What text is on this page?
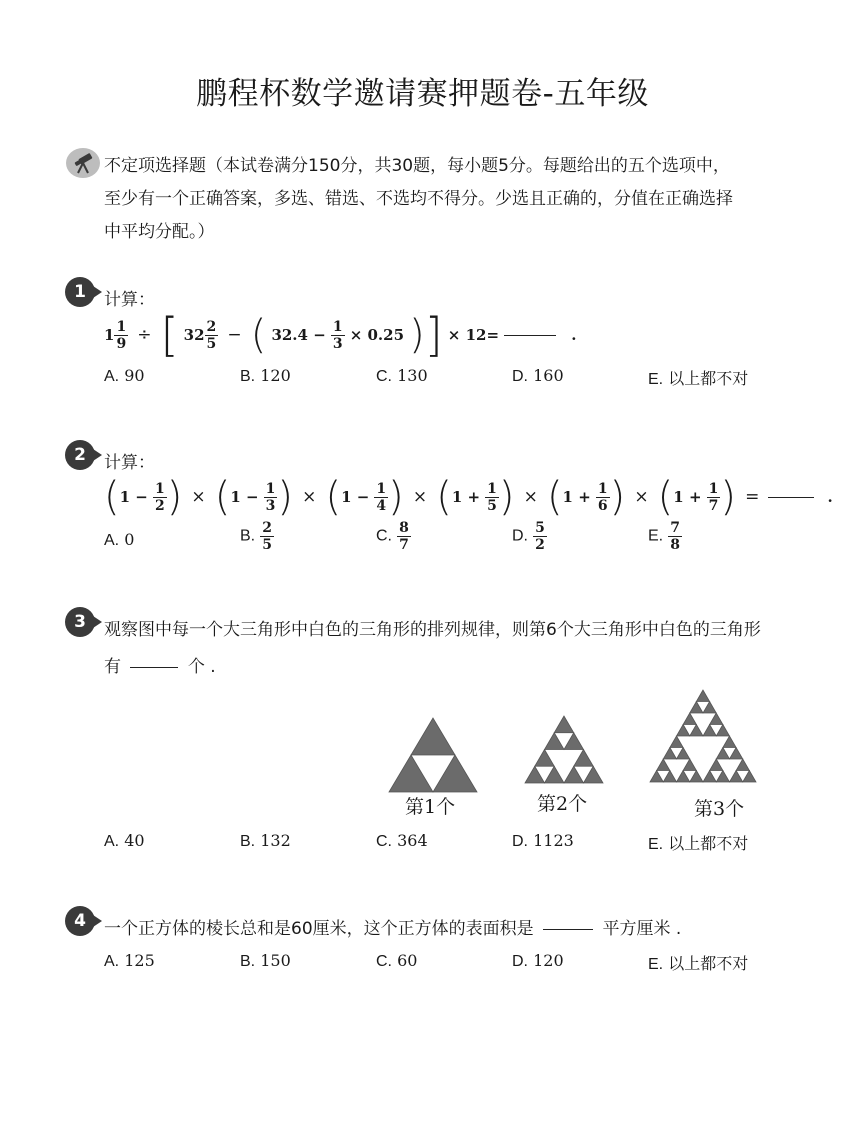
鹏程杯数学邀请赛押题卷-五年级
不定项选择题（本试卷满分150分，共30题，每小题5分。每题给出的五个选项中，
至少有一个正确答案，多选、错选、不选均不得分。少选且正确的，分值在正确选择
中平均分配。）
1	计算：
$1 \frac{1}{9}$ ÷ [ $32 \frac{2}{5}$ − ( $32.4 - \frac{1}{3} \times 0.25$ )] × 12=	.
A. 90	B. 120	C. 130	D. 160	E. 以上都不对
2	计算：
($1 - \frac{1}{2}$ ) × ($1 - \frac{1}{3}$ ) × ($1 - \frac{1}{4}$ ) × ($1 + \frac{1}{5}$ ) × ($1 + \frac{1}{6}$ ) × ($1 + \frac{1}{7}$ ) =	.
A. 0	B. $\frac{2}{5}$	C. $\frac{8}{7}$	D. $\frac{5}{2}$	E. $\frac{7}{8}$
3	观察图中每一个大三角形中白色的三角形的排列规律，则第6个大三角形中白色的三角形
有	个 .
第1个	第2个	第3个
A. 40	B. 132	C. 364	D. 1123	E. 以上都不对
4	一个正方体的棱长总和是60厘米，这个正方体的表面积是	平方厘米 .
A. 125	B. 150	C. 60	D. 120	E. 以上都不对
